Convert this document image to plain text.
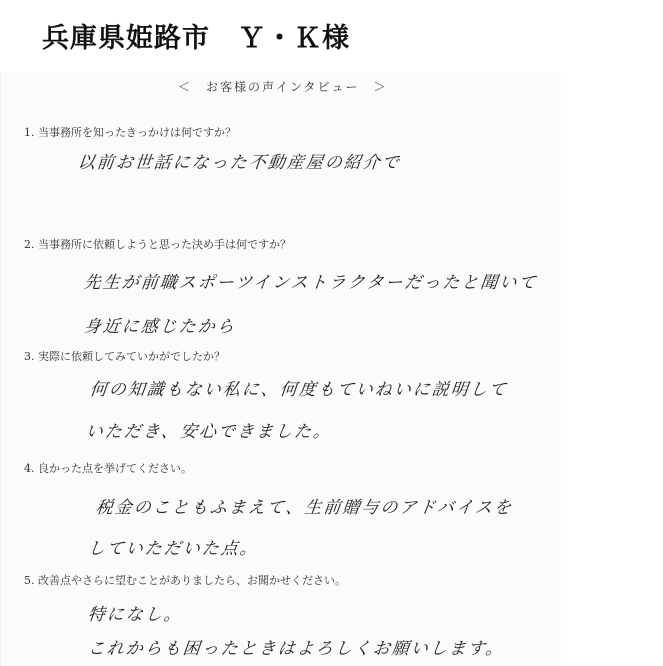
兵庫県姫路市　Ｙ・Ｋ様
＜　お客様の声インタビュー　＞
1. 当事務所を知ったきっかけは何ですか？
以前お世話になった不動産屋の紹介で
2. 当事務所に依頼しようと思った決め手は何ですか？
先生が前職スポーツインストラクターだったと聞いて
身近に感じたから
3. 実際に依頼してみていかがでしたか？
何の知識もない私に、何度もていねいに説明して
いただき、安心できました。
4. 良かった点を挙げてください。
税金のこともふまえて、生前贈与のアドバイスを
していただいた点。
5. 改善点やさらに望むことがありましたら、お聞かせください。
特になし。
これからも困ったときはよろしくお願いします。
